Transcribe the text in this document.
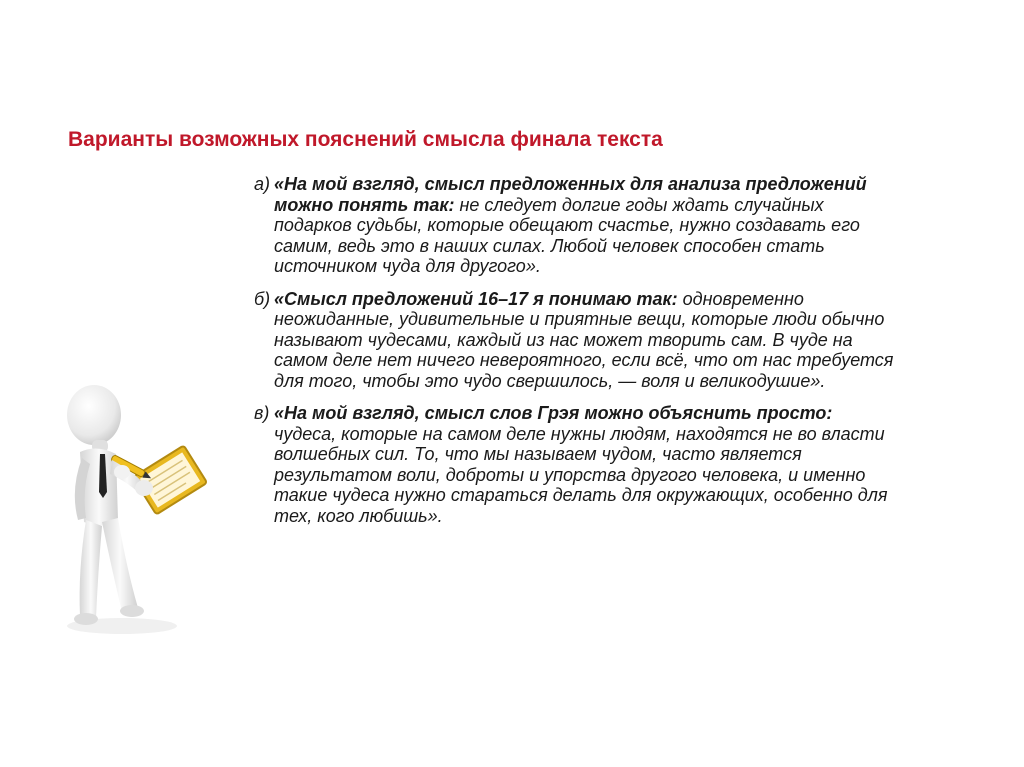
Варианты возможных пояснений смысла финала текста
а) «На мой взгляд, смысл предложенных для анализа предложений можно понять так: не следует долгие годы ждать случайных подарков судьбы, которые обещают счастье, нужно создавать его самим, ведь это в наших силах. Любой человек способен стать источником чуда для другого».
б) «Смысл предложений 16–17 я понимаю так: одновременно неожиданные, удивительные и приятные вещи, которые люди обычно называют чудесами, каждый из нас может творить сам. В чуде на самом деле нет ничего невероятного, если всё, что от нас требуется для того, чтобы это чудо свершилось, — воля и великодушие».
в) «На мой взгляд, смысл слов Грэя можно объяснить просто: чудеса, которые на самом деле нужны людям, находятся не во власти волшебных сил. То, что мы называем чудом, часто является результатом воли, доброты и упорства другого человека, и именно такие чудеса нужно стараться делать для окружающих, особенно для тех, кого любишь».
